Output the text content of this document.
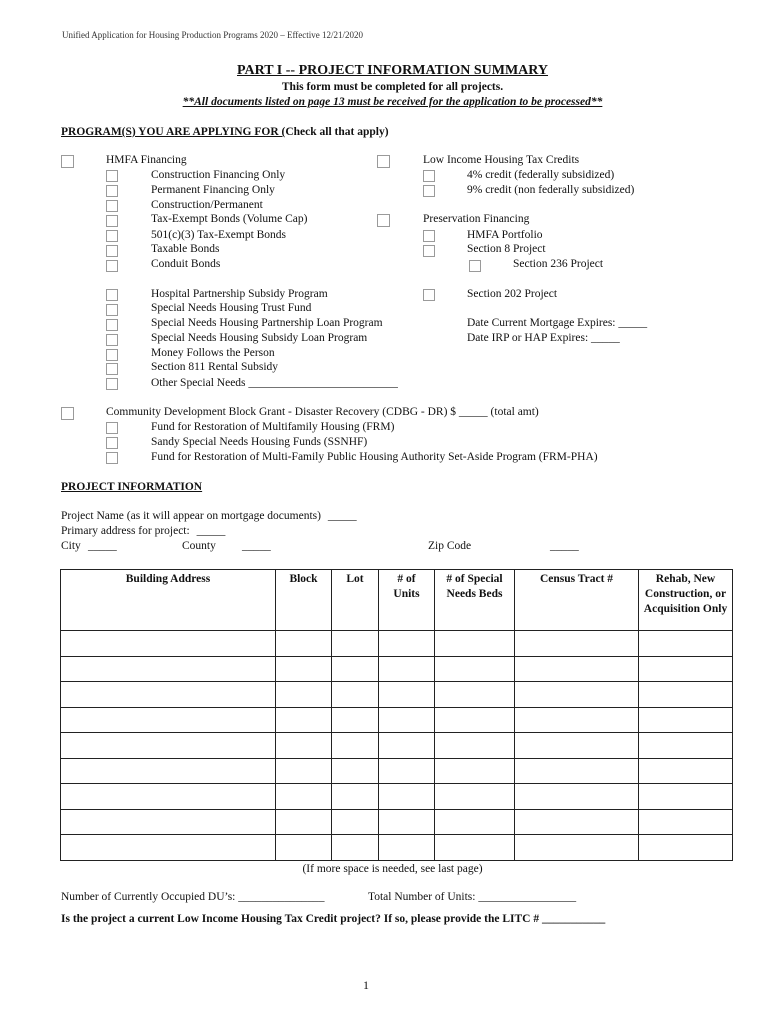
Unified Application for Housing Production Programs 2020 – Effective 12/21/2020
PART I -- PROJECT INFORMATION SUMMARY
This form must be completed for all projects.
**All documents listed on page 13 must be received for the application to be processed**
PROGRAM(S) YOU ARE APPLYING FOR (Check all that apply)
HMFA Financing
Construction Financing Only
Permanent Financing Only
Construction/Permanent
Tax-Exempt Bonds (Volume Cap)
501(c)(3) Tax-Exempt Bonds
Taxable Bonds
Conduit Bonds
Hospital Partnership Subsidy Program
Special Needs Housing Trust Fund
Special Needs Housing Partnership Loan Program
Special Needs Housing Subsidy Loan Program
Money Follows the Person
Section 811 Rental Subsidy
Other Special Needs __________________________
Low Income Housing Tax Credits
4% credit (federally subsidized)
9% credit (non federally subsidized)
Preservation Financing
HMFA Portfolio
Section 8 Project
Section 236 Project
Section 202 Project
Date Current Mortgage Expires: _____
Date IRP or HAP Expires: _____
Community Development Block Grant - Disaster Recovery (CDBG - DR) $ _____ (total amt)
Fund for Restoration of Multifamily Housing (FRM)
Sandy Special Needs Housing Funds (SSNHF)
Fund for Restoration of Multi-Family Public Housing Authority Set-Aside Program (FRM-PHA)
PROJECT INFORMATION
Project Name (as it will appear on mortgage documents) _____
Primary address for project: _____
City _____	County _____	Zip Code	_____
Building Address	Block	Lot	# of Units	# of Special Needs Beds	Census Tract #	Rehab, New Construction, or Acquisition Only

(If more space is needed, see last page)
Number of Currently Occupied DU’s: _______________	Total Number of Units: _________________
Is the project a current Low Income Housing Tax Credit project? If so, please provide the LITC # ___________
1
